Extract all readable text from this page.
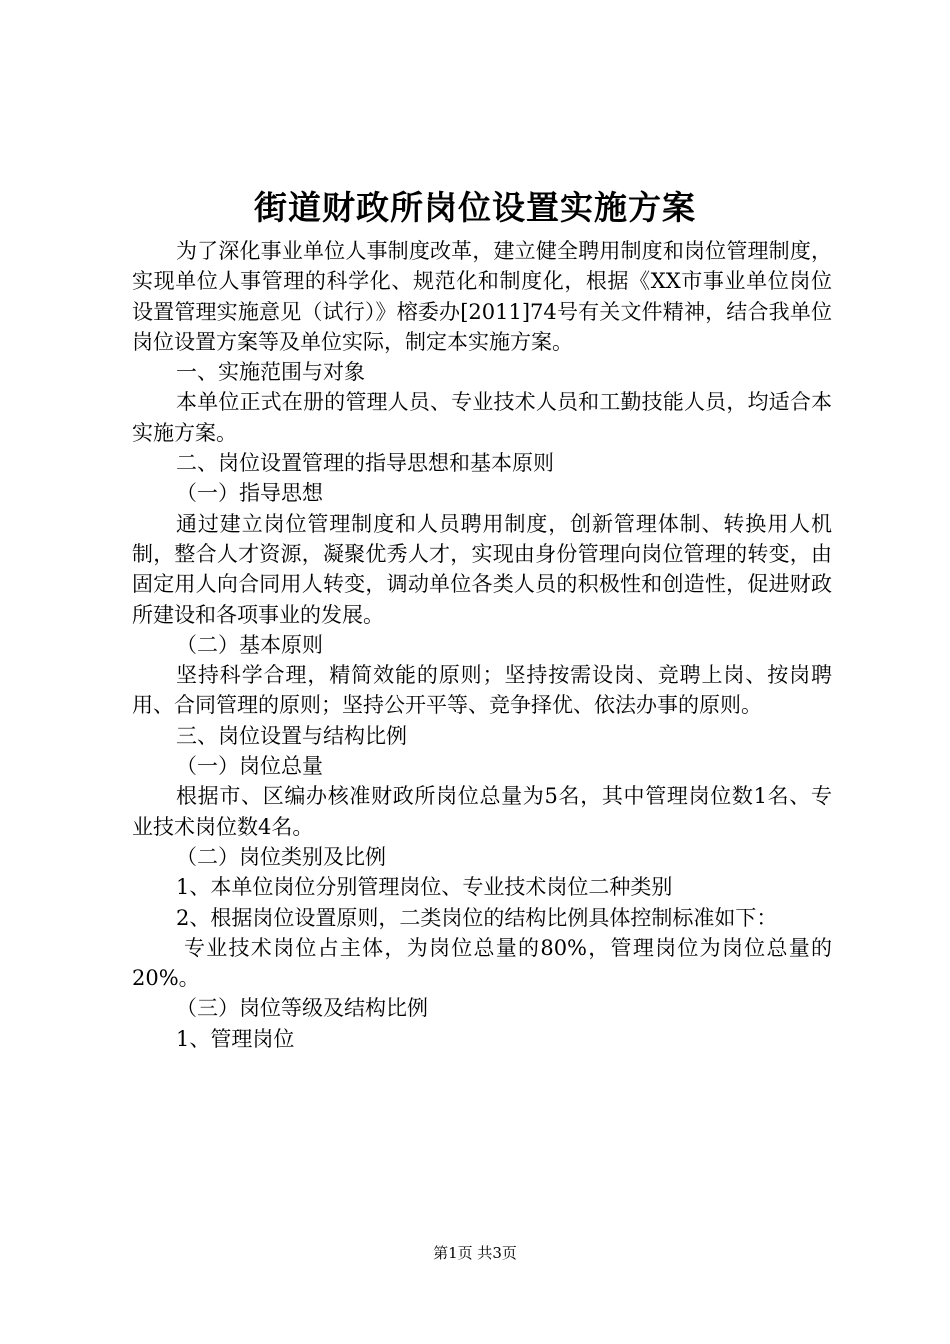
街道财政所岗位设置实施方案

为了深化事业单位人事制度改革，建立健全聘用制度和岗位管理制度，实现单位人事管理的科学化、规范化和制度化，根据《XX市事业单位岗位设置管理实施意见（试行）》榕委办[2011]74号有关文件精神，结合我单位岗位设置方案等及单位实际，制定本实施方案。

一、实施范围与对象

本单位正式在册的管理人员、专业技术人员和工勤技能人员，均适合本实施方案。

二、岗位设置管理的指导思想和基本原则

（一）指导思想

通过建立岗位管理制度和人员聘用制度，创新管理体制、转换用人机制，整合人才资源，凝聚优秀人才，实现由身份管理向岗位管理的转变，由固定用人向合同用人转变，调动单位各类人员的积极性和创造性，促进财政所建设和各项事业的发展。

（二）基本原则

坚持科学合理，精简效能的原则；坚持按需设岗、竞聘上岗、按岗聘用、合同管理的原则；坚持公开平等、竞争择优、依法办事的原则。

三、岗位设置与结构比例

（一）岗位总量

根据市、区编办核准财政所岗位总量为5名，其中管理岗位数1名、专业技术岗位数4名。

（二）岗位类别及比例

1、本单位岗位分别管理岗位、专业技术岗位二种类别

2、根据岗位设置原则，二类岗位的结构比例具体控制标准如下：

专业技术岗位占主体，为岗位总量的80%，管理岗位为岗位总量的20%。

（三）岗位等级及结构比例

1、管理岗位

第1页 共3页
